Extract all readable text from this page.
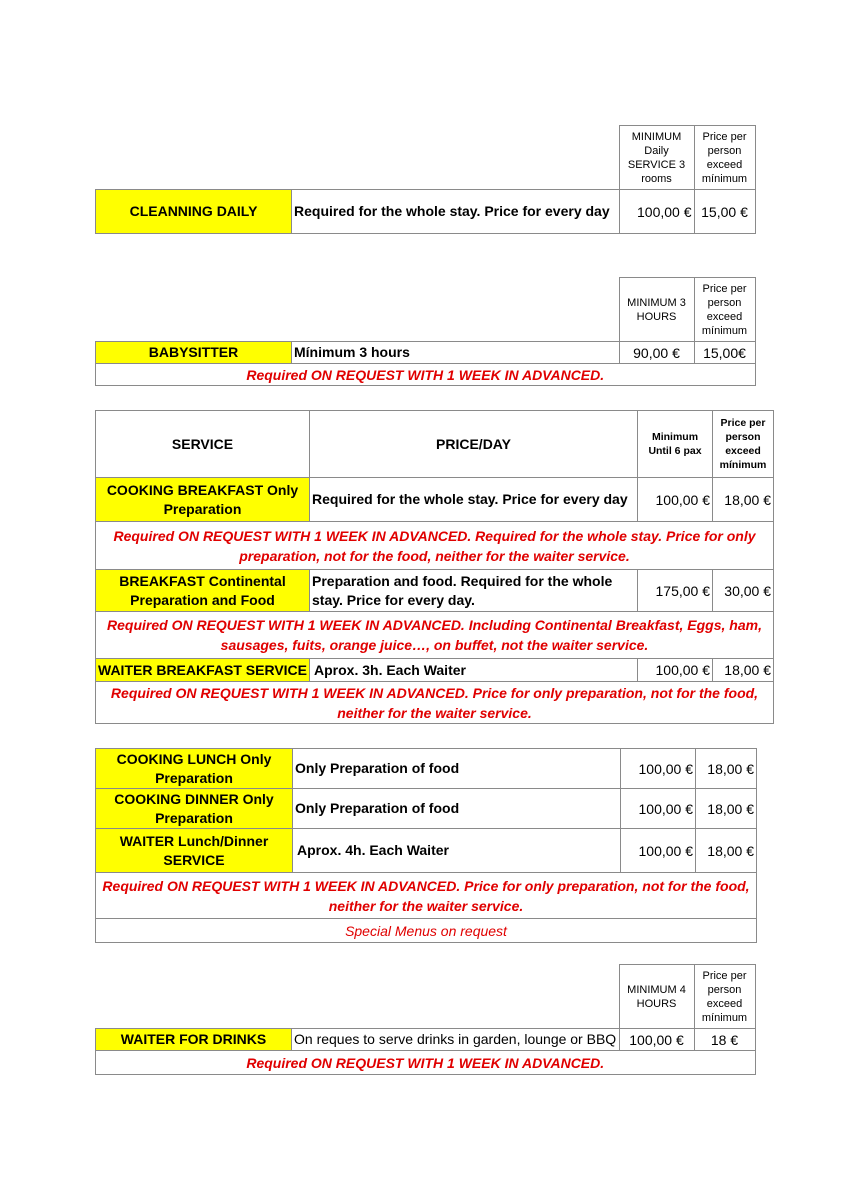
		MINIMUM Daily SERVICE 3 rooms	Price per person exceed mínimum
CLEANNING DAILY	Required for the whole stay. Price for every day	100,00 €	15,00 €
		MINIMUM 3 HOURS	Price per person exceed mínimum
BABYSITTER	Mínimum 3 hours	90,00 €	15,00€
Required ON REQUEST WITH 1 WEEK IN ADVANCED.			
SERVICE	PRICE/DAY	Minimum Until 6 pax	Price per person exceed mínimum
COOKING BREAKFAST Only Preparation	Required for the whole stay. Price for every day	100,00 €	18,00 €
Required ON REQUEST WITH 1 WEEK IN ADVANCED. Required for the whole stay. Price for only preparation, not for the food, neither for the waiter service.			
BREAKFAST Continental Preparation and Food	Preparation and food. Required for the whole stay. Price for every day.	175,00 €	30,00 €
Required ON REQUEST WITH 1 WEEK IN ADVANCED. Including Continental Breakfast, Eggs, ham, sausages, fuits, orange juice…, on buffet, not the waiter service.			
WAITER BREAKFAST SERVICE	Aprox. 3h. Each Waiter	100,00 €	18,00 €
Required ON REQUEST WITH 1 WEEK IN ADVANCED. Price for only preparation, not for the food, neither for the waiter service.			
COOKING LUNCH Only Preparation	Only Preparation of food	100,00 €	18,00 €
COOKING DINNER Only Preparation	Only Preparation of food	100,00 €	18,00 €
WAITER Lunch/Dinner SERVICE	Aprox. 4h. Each Waiter	100,00 €	18,00 €
Required ON REQUEST WITH 1 WEEK IN ADVANCED. Price for only preparation, not for the food, neither for the waiter service.			
Special Menus on request			
		MINIMUM 4 HOURS	Price per person exceed mínimum
WAITER FOR DRINKS	On reques to serve drinks in garden, lounge or BBQ	100,00 €	18 €
Required ON REQUEST WITH 1 WEEK IN ADVANCED.			
